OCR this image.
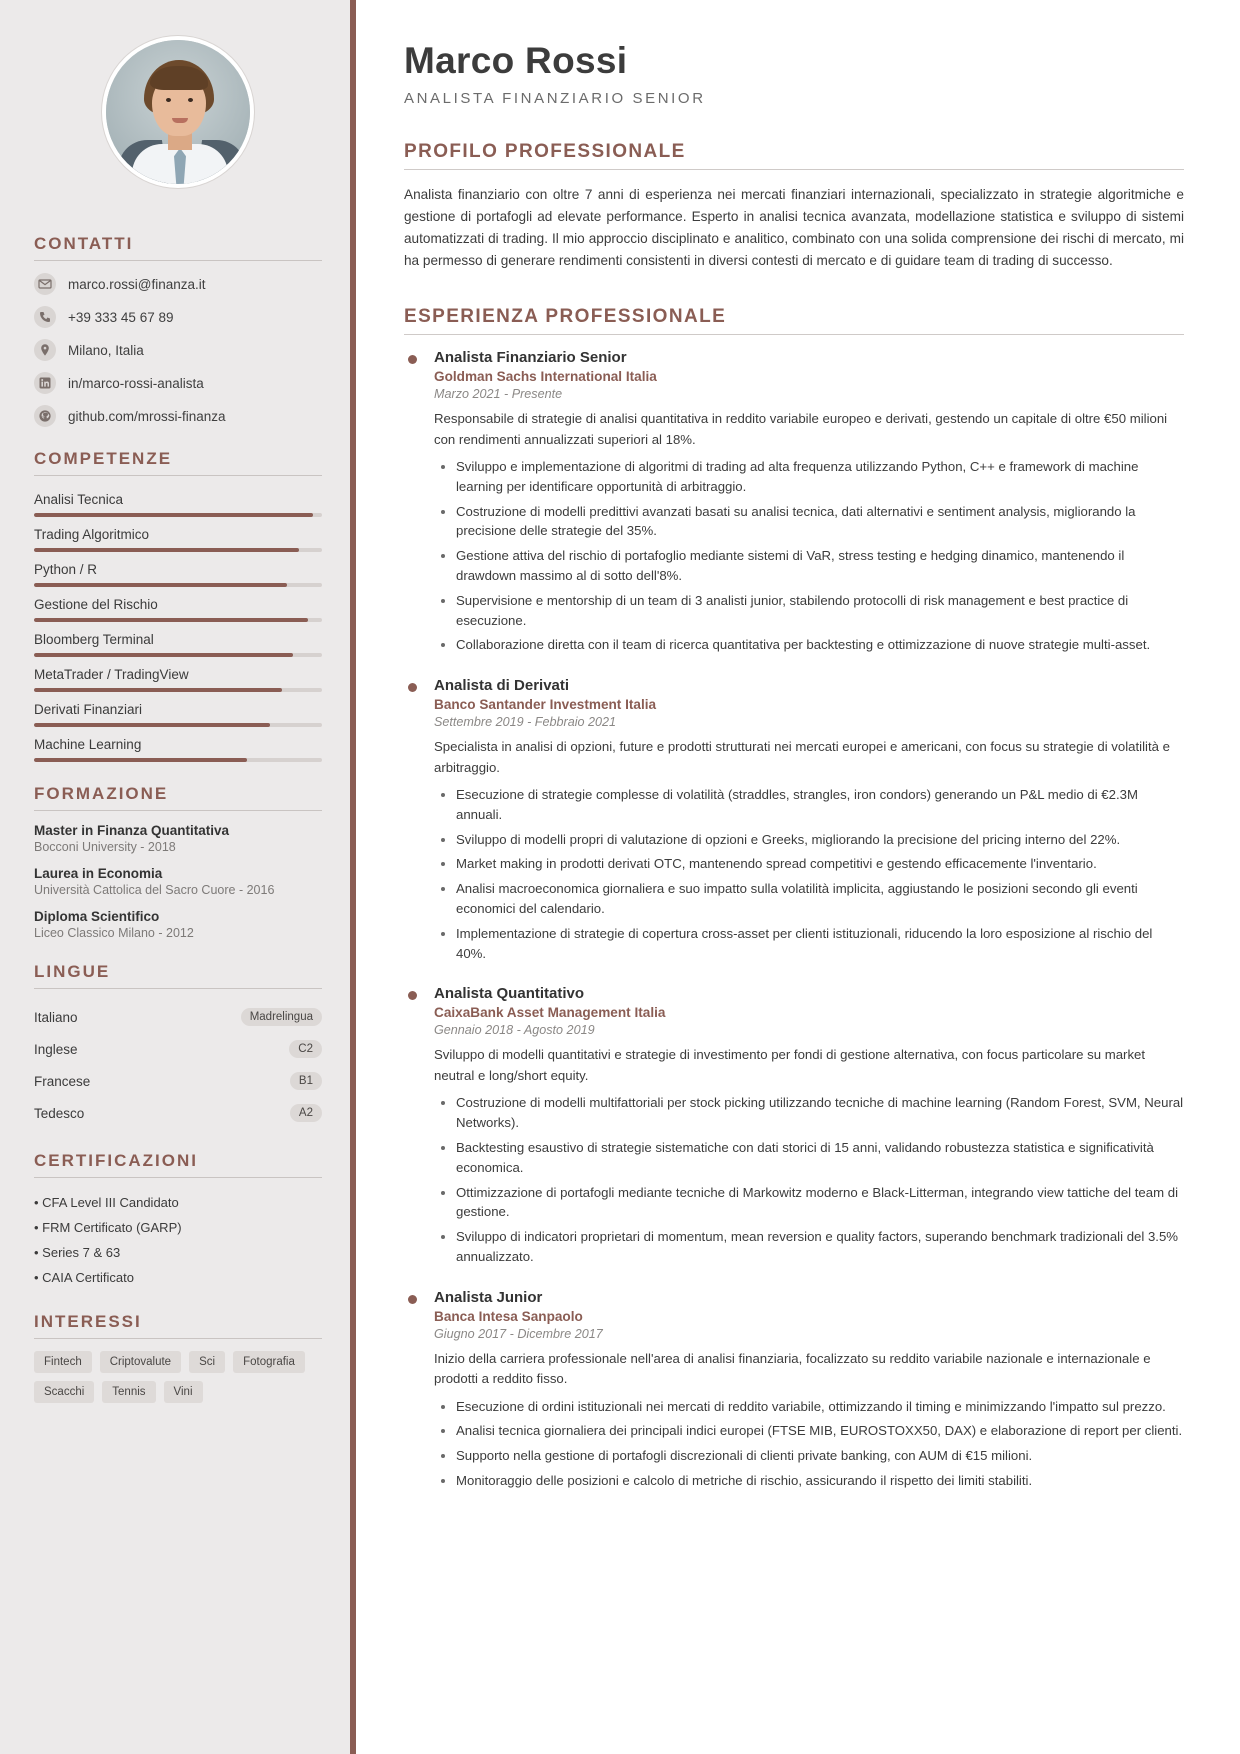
CONTATTI
marco.rossi@finanza.it
+39 333 45 67 89
Milano, Italia
in/marco-rossi-analista
github.com/mrossi-finanza
COMPETENZE
Analisi Tecnica
Trading Algoritmico
Python / R
Gestione del Rischio
Bloomberg Terminal
MetaTrader / TradingView
Derivati Finanziari
Machine Learning
FORMAZIONE
Master in Finanza Quantitativa
Bocconi University - 2018
Laurea in Economia
Università Cattolica del Sacro Cuore - 2016
Diploma Scientifico
Liceo Classico Milano - 2012
LINGUE
Italiano	Madrelingua
Inglese	C2
Francese	B1
Tedesco	A2
CERTIFICAZIONI
• CFA Level III Candidato
• FRM Certificato (GARP)
• Series 7 & 63
• CAIA Certificato
INTERESSI
Fintech	Criptovalute	Sci	Fotografia
Scacchi	Tennis	Vini
Marco Rossi
ANALISTA FINANZIARIO SENIOR
PROFILO PROFESSIONALE

Analista finanziario con oltre 7 anni di esperienza nei mercati finanziari internazionali, specializzato in strategie algoritmiche e gestione di portafogli ad elevate performance. Esperto in analisi tecnica avanzata, modellazione statistica e sviluppo di sistemi automatizzati di trading. Il mio approccio disciplinato e analitico, combinato con una solida comprensione dei rischi di mercato, mi ha permesso di generare rendimenti consistenti in diversi contesti di mercato e di guidare team di trading di successo.

ESPERIENZA PROFESSIONALE
Analista Finanziario Senior
Goldman Sachs International Italia
Marzo 2021 - Presente
Responsabile di strategie di analisi quantitativa in reddito variabile europeo e derivati, gestendo un capitale di oltre €50 milioni con rendimenti annualizzati superiori al 18%.
• Sviluppo e implementazione di algoritmi di trading ad alta frequenza utilizzando Python, C++ e framework di machine learning per identificare opportunità di arbitraggio.
• Costruzione di modelli predittivi avanzati basati su analisi tecnica, dati alternativi e sentiment analysis, migliorando la precisione delle strategie del 35%.
• Gestione attiva del rischio di portafoglio mediante sistemi di VaR, stress testing e hedging dinamico, mantenendo il drawdown massimo al di sotto dell'8%.
• Supervisione e mentorship di un team di 3 analisti junior, stabilendo protocolli di risk management e best practice di esecuzione.
• Collaborazione diretta con il team di ricerca quantitativa per backtesting e ottimizzazione di nuove strategie multi-asset.
Analista di Derivati
Banco Santander Investment Italia
Settembre 2019 - Febbraio 2021
Specialista in analisi di opzioni, future e prodotti strutturati nei mercati europei e americani, con focus su strategie di volatilità e arbitraggio.
• Esecuzione di strategie complesse di volatilità (straddles, strangles, iron condors) generando un P&L medio di €2.3M annuali.
• Sviluppo di modelli propri di valutazione di opzioni e Greeks, migliorando la precisione del pricing interno del 22%.
• Market making in prodotti derivati OTC, mantenendo spread competitivi e gestendo efficacemente l'inventario.
• Analisi macroeconomica giornaliera e suo impatto sulla volatilità implicita, aggiustando le posizioni secondo gli eventi economici del calendario.
• Implementazione di strategie di copertura cross-asset per clienti istituzionali, riducendo la loro esposizione al rischio del 40%.
Analista Quantitativo
CaixaBank Asset Management Italia
Gennaio 2018 - Agosto 2019
Sviluppo di modelli quantitativi e strategie di investimento per fondi di gestione alternativa, con focus particolare su market neutral e long/short equity.
• Costruzione di modelli multifattoriali per stock picking utilizzando tecniche di machine learning (Random Forest, SVM, Neural Networks).
• Backtesting esaustivo di strategie sistematiche con dati storici di 15 anni, validando robustezza statistica e significatività economica.
• Ottimizzazione di portafogli mediante tecniche di Markowitz moderno e Black-Litterman, integrando view tattiche del team di gestione.
• Sviluppo di indicatori proprietari di momentum, mean reversion e quality factors, superando benchmark tradizionali del 3.5% annualizzato.
Analista Junior
Banca Intesa Sanpaolo
Giugno 2017 - Dicembre 2017
Inizio della carriera professionale nell'area di analisi finanziaria, focalizzato su reddito variabile nazionale e internazionale e prodotti a reddito fisso.
• Esecuzione di ordini istituzionali nei mercati di reddito variabile, ottimizzando il timing e minimizzando l'impatto sul prezzo.
• Analisi tecnica giornaliera dei principali indici europei (FTSE MIB, EUROSTOXX50, DAX) e elaborazione di report per clienti.
• Supporto nella gestione di portafogli discrezionali di clienti private banking, con AUM di €15 milioni.
• Monitoraggio delle posizioni e calcolo di metriche di rischio, assicurando il rispetto dei limiti stabiliti.
